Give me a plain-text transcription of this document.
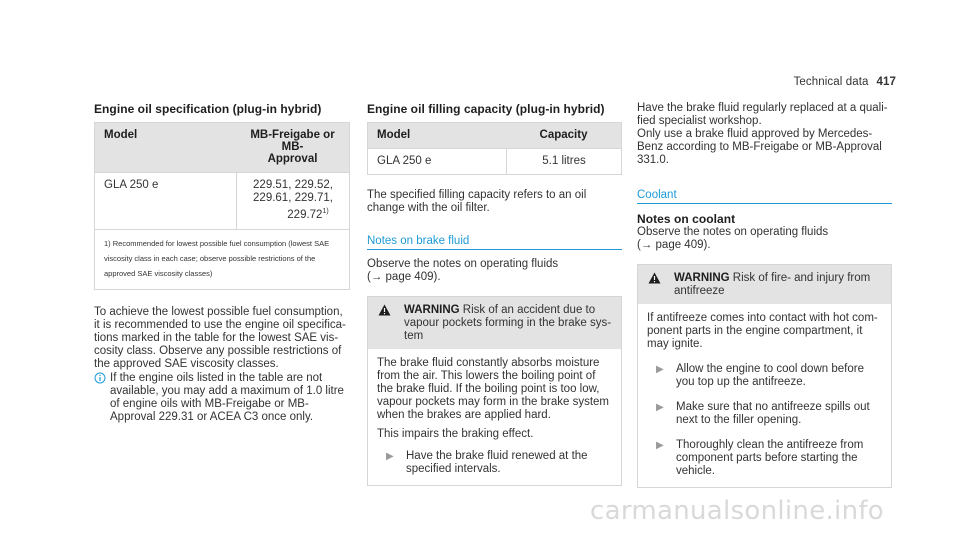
Technical data 417
Engine oil specification (plug-in hybrid)
Model	MB-Freigabe or MB-
Approval
GLA 250 e	229.51, 229.52,
229.61, 229.71,
229.72$^{1)}$
1) Recommended for lowest possible fuel consumption (lowest SAE
viscosity class in each case; observe possible restrictions of the
approved SAE viscosity classes)
To achieve the lowest possible fuel consumption,
it is recommended to use the engine oil specifica-
tions marked in the table for the lowest SAE vis-
cosity class. Observe any possible restrictions of
the approved SAE viscosity classes.
If the engine oils listed in the table are not
available, you may add a maximum of 1.0 litre
of engine oils with MB-Freigabe or MB-
Approval 229.31 or ACEA C3 once only.
Engine oil filling capacity (plug-in hybrid)
Model	Capacity
GLA 250 e	5.1 litres
The specified filling capacity refers to an oil
change with the oil filter.
Notes on brake fluid
Observe the notes on operating fluids
(→ page 409).
WARNING Risk of an accident due to
vapour pockets forming in the brake sys-
tem
The brake fluid constantly absorbs moisture
from the air. This lowers the boiling point of
the brake fluid. If the boiling point is too low,
vapour pockets may form in the brake system
when the brakes are applied hard.
This impairs the braking effect.
▶	Have the brake fluid renewed at the
specified intervals.
Have the brake fluid regularly replaced at a quali-
fied specialist workshop.
Only use a brake fluid approved by Mercedes-
Benz according to MB-Freigabe or MB-Approval
331.0.
Coolant
Notes on coolant
Observe the notes on operating fluids
(→ page 409).
WARNING Risk of fire- and injury from
antifreeze
If antifreeze comes into contact with hot com-
ponent parts in the engine compartment, it
may ignite.
▶	Allow the engine to cool down before
you top up the antifreeze.
▶	Make sure that no antifreeze spills out
next to the filler opening.
▶	Thoroughly clean the antifreeze from
component parts before starting the
vehicle.
carmanualsonline.info
